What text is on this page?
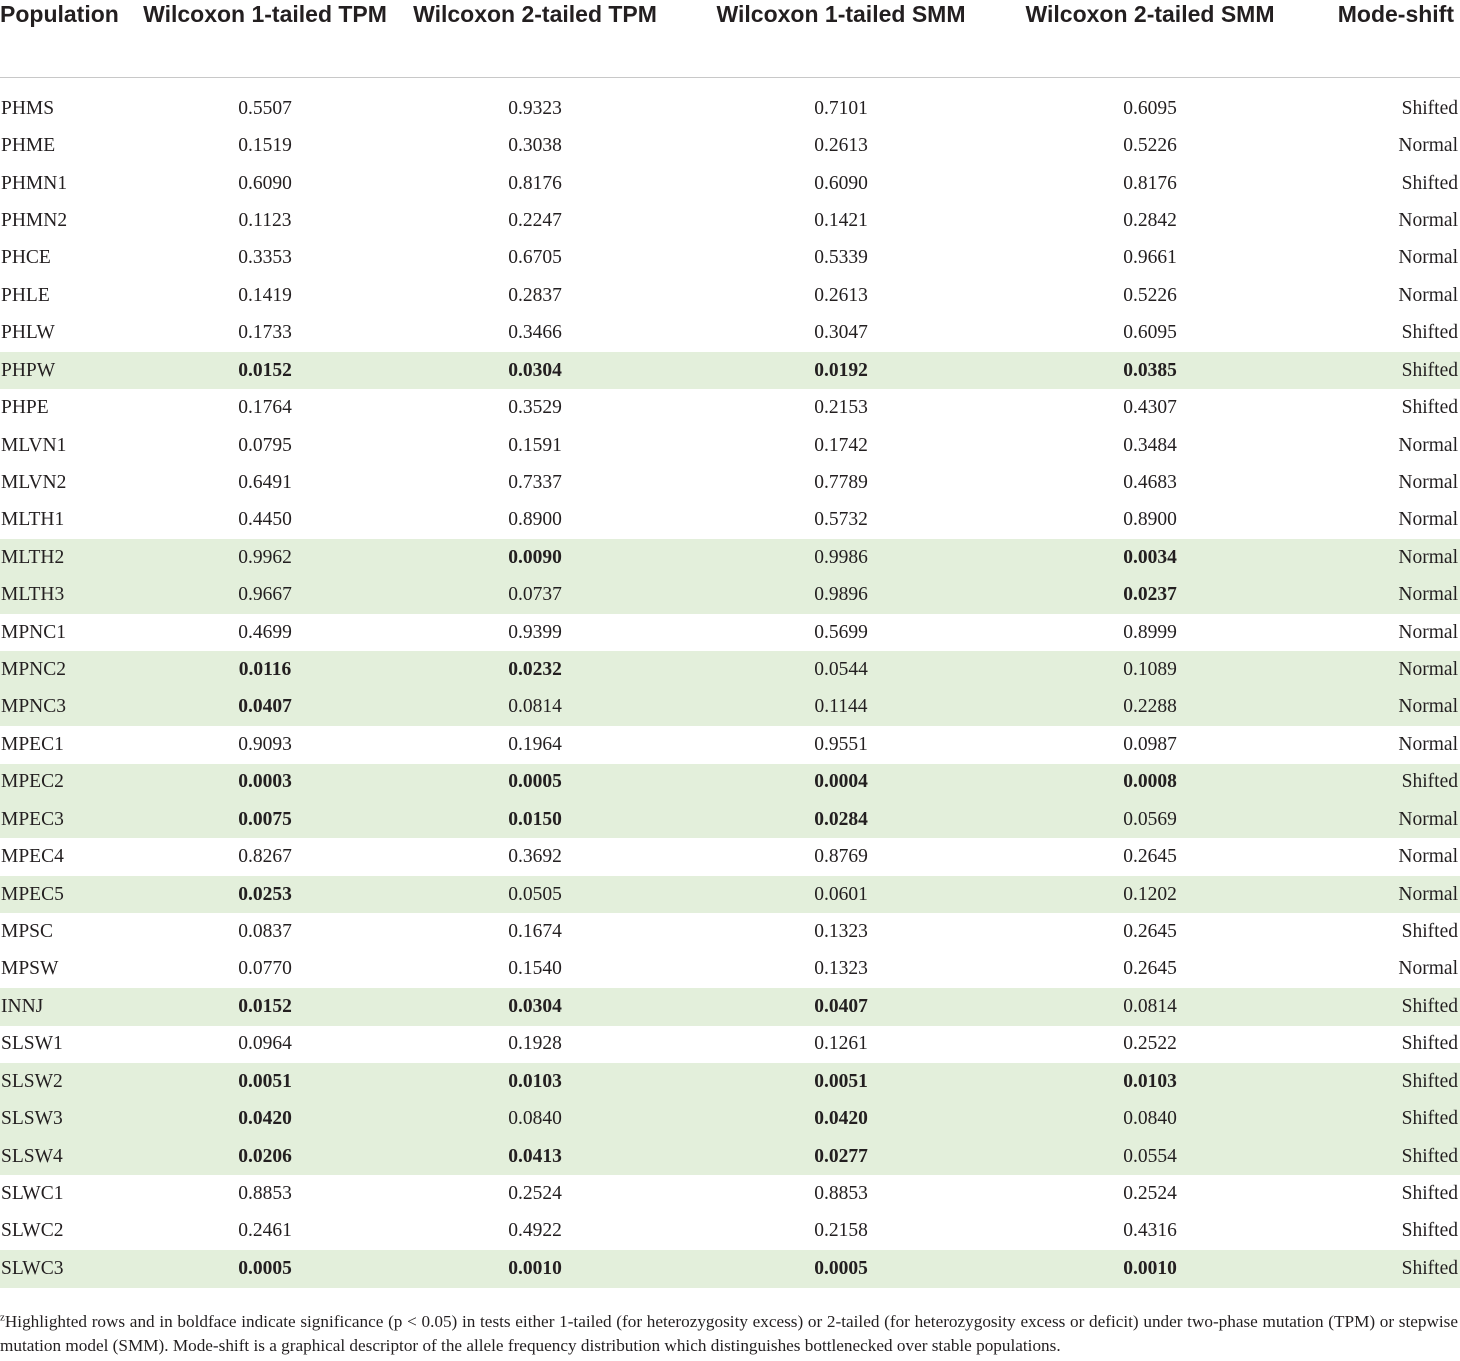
Population	Wilcoxon 1-tailed TPM	Wilcoxon 2-tailed TPM	Wilcoxon 1-tailed SMM	Wilcoxon 2-tailed SMM	Mode-shift

PHMS	0.5507	0.9323	0.7101	0.6095	Shifted
PHME	0.1519	0.3038	0.2613	0.5226	Normal
PHMN1	0.6090	0.8176	0.6090	0.8176	Shifted
PHMN2	0.1123	0.2247	0.1421	0.2842	Normal
PHCE	0.3353	0.6705	0.5339	0.9661	Normal
PHLE	0.1419	0.2837	0.2613	0.5226	Normal
PHLW	0.1733	0.3466	0.3047	0.6095	Shifted
PHPW	0.0152	0.0304	0.0192	0.0385	Shifted
PHPE	0.1764	0.3529	0.2153	0.4307	Shifted
MLVN1	0.0795	0.1591	0.1742	0.3484	Normal
MLVN2	0.6491	0.7337	0.7789	0.4683	Normal
MLTH1	0.4450	0.8900	0.5732	0.8900	Normal
MLTH2	0.9962	0.0090	0.9986	0.0034	Normal
MLTH3	0.9667	0.0737	0.9896	0.0237	Normal
MPNC1	0.4699	0.9399	0.5699	0.8999	Normal
MPNC2	0.0116	0.0232	0.0544	0.1089	Normal
MPNC3	0.0407	0.0814	0.1144	0.2288	Normal
MPEC1	0.9093	0.1964	0.9551	0.0987	Normal
MPEC2	0.0003	0.0005	0.0004	0.0008	Shifted
MPEC3	0.0075	0.0150	0.0284	0.0569	Normal
MPEC4	0.8267	0.3692	0.8769	0.2645	Normal
MPEC5	0.0253	0.0505	0.0601	0.1202	Normal
MPSC	0.0837	0.1674	0.1323	0.2645	Shifted
MPSW	0.0770	0.1540	0.1323	0.2645	Normal
INNJ	0.0152	0.0304	0.0407	0.0814	Shifted
SLSW1	0.0964	0.1928	0.1261	0.2522	Shifted
SLSW2	0.0051	0.0103	0.0051	0.0103	Shifted
SLSW3	0.0420	0.0840	0.0420	0.0840	Shifted
SLSW4	0.0206	0.0413	0.0277	0.0554	Shifted
SLWC1	0.8853	0.2524	0.8853	0.2524	Shifted
SLWC2	0.2461	0.4922	0.2158	0.4316	Shifted
SLWC3	0.0005	0.0010	0.0005	0.0010	Shifted
$^z$Highlighted rows and in boldface indicate significance (p < 0.05) in tests either 1-tailed (for heterozygosity excess) or 2-tailed (for heterozygosity excess or deficit) under two-phase mutation (TPM) or stepwise mutation model (SMM). Mode-shift is a graphical descriptor of the allele frequency distribution which distinguishes bottlenecked over stable populations.
